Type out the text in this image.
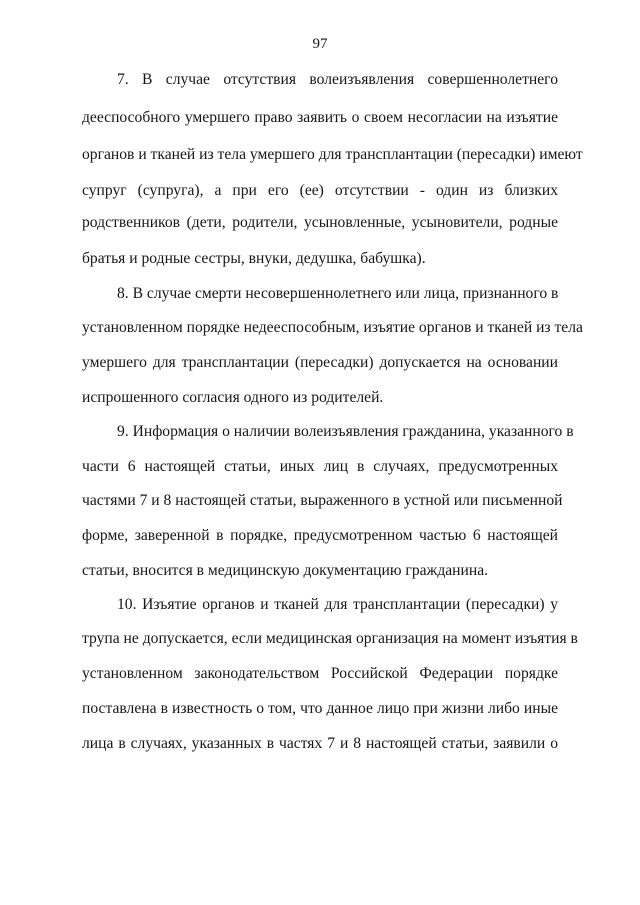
97
7. В случае отсутствия волеизъявления совершеннолетнего
дееспособного умершего право заявить о своем несогласии на изъятие
органов и тканей из тела умершего для трансплантации (пересадки) имеют
супруг (супруга), а при его (ее) отсутствии - один из близких
родственников (дети, родители, усыновленные, усыновители, родные
братья и родные сестры, внуки, дедушка, бабушка).
8. В случае смерти несовершеннолетнего или лица, признанного в
установленном порядке недееспособным, изъятие органов и тканей из тела
умершего для трансплантации (пересадки) допускается на основании
испрошенного согласия одного из родителей.
9. Информация о наличии волеизъявления гражданина, указанного в
части 6 настоящей статьи, иных лиц в случаях, предусмотренных
частями 7 и 8 настоящей статьи, выраженного в устной или письменной
форме, заверенной в порядке, предусмотренном частью 6 настоящей
статьи, вносится в медицинскую документацию гражданина.
10. Изъятие органов и тканей для трансплантации (пересадки) у
трупа не допускается, если медицинская организация на момент изъятия в
установленном законодательством Российской Федерации порядке
поставлена в известность о том, что данное лицо при жизни либо иные
лица в случаях, указанных в частях 7 и 8 настоящей статьи, заявили о
